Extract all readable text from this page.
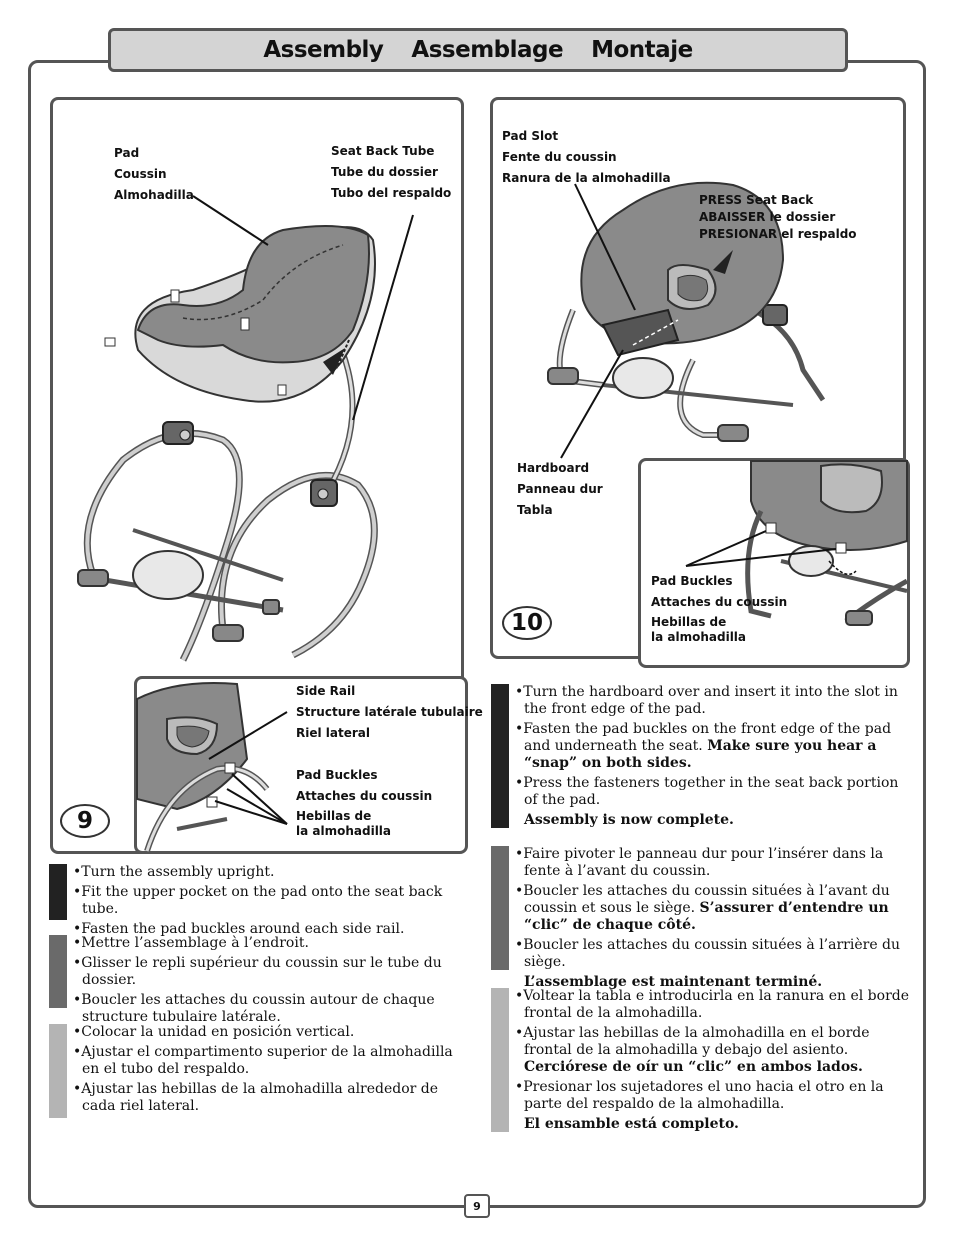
Assembly Assemblage Montaje
Pad
Coussin
Almohadilla
Seat Back Tube
Tube du dossier
Tubo del respaldo
Side Rail
Structure latérale tubulaire
Riel lateral
Pad Buckles
Attaches du coussin
Hebillas de
la almohadilla
9
• Turn the assembly upright.
• Fit the upper pocket on the pad onto the seat back tube.
• Fasten the pad buckles around each side rail.
• Mettre l’assemblage à l’endroit.
• Glisser le repli supérieur du coussin sur le tube du dossier.
• Boucler les attaches du coussin autour de chaque structure tubulaire latérale.
• Colocar la unidad en posición vertical.
• Ajustar el compartimento superior de la almohadilla en el tubo del respaldo.
• Ajustar las hebillas de la almohadilla alrededor de cada riel lateral.
Pad Slot
Fente du coussin
Ranura de la almohadilla
PRESS Seat Back
ABAISSER le dossier
PRESIONAR el respaldo
Hardboard
Panneau dur
Tabla
Pad Buckles
Attaches du coussin
Hebillas de
la almohadilla
10
• Turn the hardboard over and insert it into the slot in the front edge of the pad.
• Fasten the pad buckles on the front edge of the pad and underneath the seat. Make sure you hear a “snap” on both sides.
• Press the fasteners together in the seat back portion of the pad.

Assembly is now complete.

• Faire pivoter le panneau dur pour l’insérer dans la fente à l’avant du coussin.
• Boucler les attaches du coussin situées à l’avant du coussin et sous le siège. S’assurer d’entendre un “clic” de chaque côté.
• Boucler les attaches du coussin situées à l’arrière du siège.

L’assemblage est maintenant terminé.

• Voltear la tabla e introducirla en la ranura en el borde frontal de la almohadilla.
• Ajustar las hebillas de la almohadilla en el borde frontal de la almohadilla y debajo del asiento. Cerciórese de oír un “clic” en ambos lados.
• Presionar los sujetadores el uno hacia el otro en la parte del respaldo de la almohadilla.

El ensamble está completo.

9
